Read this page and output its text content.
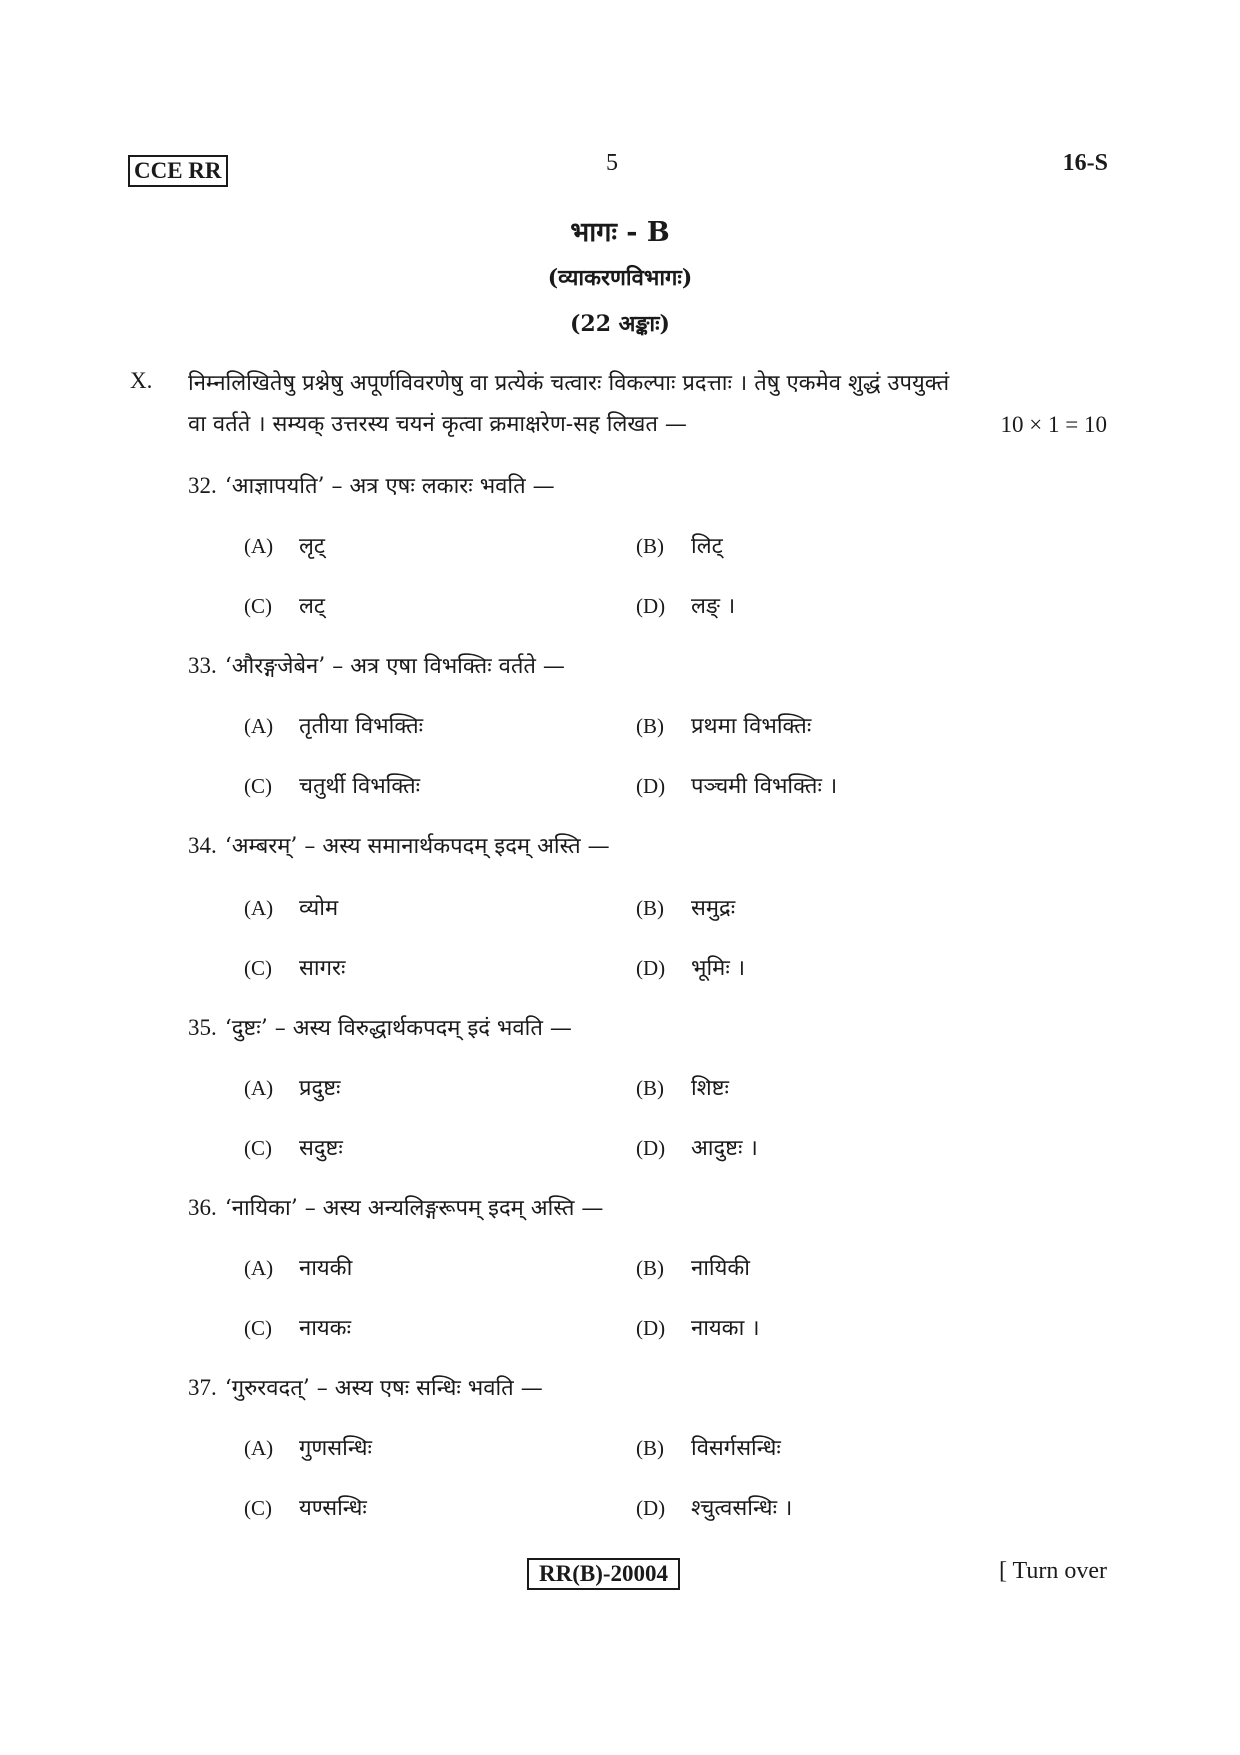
CCE RR	5	16-S
भागः - B
(व्याकरणविभागः)
(22 अङ्काः)
X. निम्नलिखितेषु प्रश्नेषु अपूर्णविवरणेषु वा प्रत्येकं चत्वारः विकल्पाः प्रदत्ताः । तेषु एकमेव शुद्धं उपयुक्तं
वा वर्तते । सम्यक् उत्तरस्य चयनं कृत्वा क्रमाक्षरेण-सह लिखत —	10 × 1 = 10
32. ‘आज्ञापयति’ – अत्र एषः लकारः भवति —
(A) लृट्	(B) लिट्
(C) लट्	(D) लङ् ।
33. ‘औरङ्गजेबेन’ – अत्र एषा विभक्तिः वर्तते —
(A) तृतीया विभक्तिः	(B) प्रथमा विभक्तिः
(C) चतुर्थी विभक्तिः	(D) पञ्चमी विभक्तिः ।
34. ‘अम्बरम्’ – अस्य समानार्थकपदम् इदम् अस्ति —
(A) व्योम	(B) समुद्रः
(C) सागरः	(D) भूमिः ।
35. ‘दुष्टः’ – अस्य विरुद्धार्थकपदम् इदं भवति —
(A) प्रदुष्टः	(B) शिष्टः
(C) सदुष्टः	(D) आदुष्टः ।
36. ‘नायिका’ – अस्य अन्यलिङ्गरूपम् इदम् अस्ति —
(A) नायकी	(B) नायिकी
(C) नायकः	(D) नायका ।
37. ‘गुरुरवदत्’ – अस्य एषः सन्धिः भवति —
(A) गुणसन्धिः	(B) विसर्गसन्धिः
(C) यण्सन्धिः	(D) श्चुत्वसन्धिः ।
RR(B)-20004	[ Turn over
